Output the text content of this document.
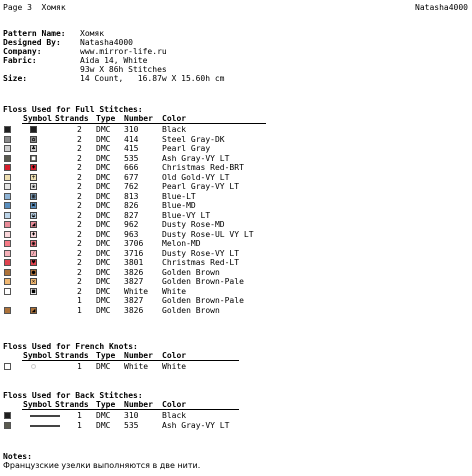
Page 3 Хомяк	Natasha4000
Pattern Name: Хомяк
Designed By: Natasha4000
Company:	www.mirror-life.ru
Fabric:	Aida 14, White
93w X 86h Stitches
Size:	14 Count,   16.87w X 15.60h cm
Floss Used for Full Stitches:
Symbol Strands Type Number Color
2 DMC 310	Black
✿	2 DMC 414	Steel Gray-DK
♣	2 DMC 415	Pearl Gray
■	2 DMC 535	Ash Gray-VY LT
♦	2 DMC 666	Christmas Red-BRT
+	2 DMC 677	Old Gold-VY LT
❀	2 DMC 762	Pearl Gray-VY LT
▦	2 DMC 813	Blue-LT
✖	2 DMC 826	Blue-MD
◒	2 DMC 827	Blue-VY LT
◢	2 DMC 962	Dusty Rose-MD
♦	2 DMC 963	Dusty Rose-UL VY LT
◉	2 DMC 3706 Melon-MD
⁄	2 DMC 3716 Dusty Rose-VY LT
♥	2 DMC 3801 Christmas Red-LT
●	2 DMC 3826 Golden Brown
✕	2 DMC 3827 Golden Brown-Pale
■	2 DMC White White
1 DMC 3827 Golden Brown-Pale
◢	1 DMC 3826 Golden Brown
Floss Used for French Knots:
Symbol Strands Type Number Color
1 DMC White White
Floss Used for Back Stitches:
Symbol Strands Type Number Color
1 DMC 310	Black
1 DMC 535	Ash Gray-VY LT
Notes:
Французские узелки выполняются в две нити.
